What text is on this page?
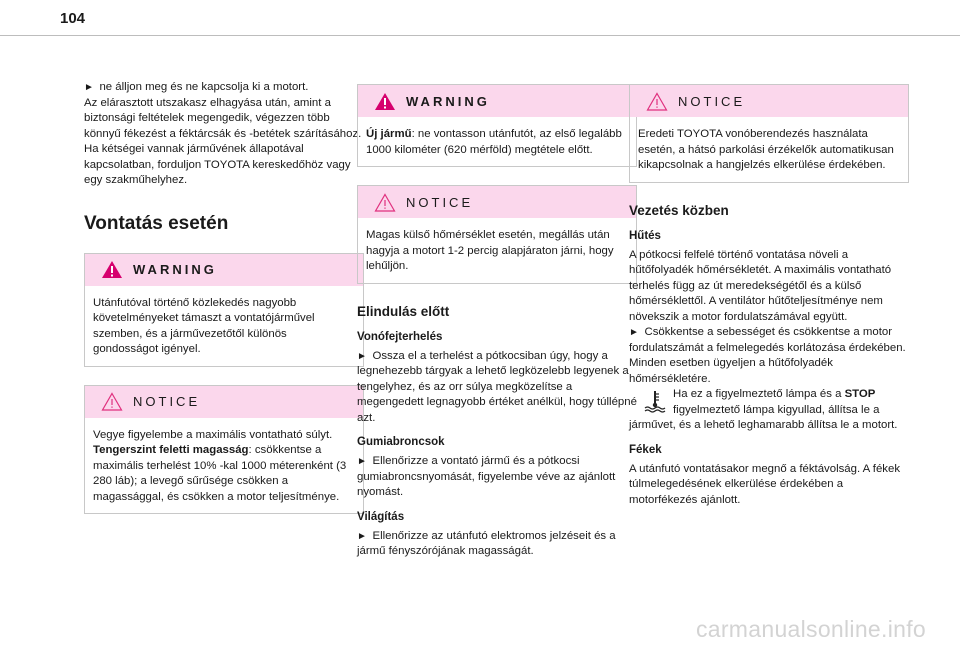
104

►  ne álljon meg és ne kapcsolja ki a motort.

Az elárasztott utszakasz elhagyása után, amint a biztonsági feltételek megengedik, végezzen több könnyű fékezést a féktárcsák és -betétek szárításához.

Ha kétségei vannak járművének állapotával kapcsolatban, forduljon TOYOTA kereskedőhöz vagy egy szakműhelyhez.

Vontatás esetén
WARNING

Utánfutóval történő közlekedés nagyobb követelményeket támaszt a vontatójárművel szemben, és a járművezetőtől különös gondosságot igényel.

NOTICE

Vegye figyelembe a maximális vontatható súlyt.

Tengerszint feletti magasság: csökkentse a maximális terhelést 10% -kal 1000 méterenként (3 280 láb); a levegő sűrűsége csökken a magassággal, és csökken a motor teljesítménye.

WARNING

Új jármű: ne vontasson utánfutót, az első legalább 1000 kilométer (620 mérföld) megtétele előtt.

NOTICE

Magas külső hőmérséklet esetén, megállás után hagyja a motort 1-2 percig alapjáraton járni, hogy lehűljön.

Elindulás előtt
Vonófejterhelés

►  Ossza el a terhelést a pótkocsiban úgy, hogy a legnehezebb tárgyak a lehető legközelebb legyenek a tengelyhez, és az orr súlya megközelítse a megengedett legnagyobb értéket anélkül, hogy túllépné azt.

Gumiabroncsok

►  Ellenőrizze a vontató jármű és a pótkocsi gumiabroncsnyomását, figyelembe véve az ajánlott nyomást.

Világítás

►  Ellenőrizze az utánfutó elektromos jelzéseit és a jármű fényszórójának magasságát.

NOTICE

Eredeti TOYOTA vonóberendezés használata esetén, a hátsó parkolási érzékelők automatikusan kikapcsolnak a hangjelzés elkerülése érdekében.

Vezetés közben
Hűtés

A pótkocsi felfelé történő vontatása növeli a hűtőfolyadék hőmérsékletét. A maximális vontatható terhelés függ az út meredekségétől és a külső hőmérséklettől. A ventilátor hűtőteljesítménye nem növekszik a motor fordulatszámával együtt.

►  Csökkentse a sebességet és csökkentse a motor fordulatszámát a felmelegedés korlátozása érdekében.

Minden esetben ügyeljen a hűtőfolyadék hőmérsékletére.

Ha ez a figyelmeztető lámpa és a STOP figyelmeztető lámpa kigyullad, állítsa le a járművet, és a lehető leghamarabb állítsa le a motort.

Fékek

A utánfutó vontatásakor megnő a féktávolság. A fékek túlmelegedésének elkerülése érdekében a motorfékezés ajánlott.

carmanualsonline.info
